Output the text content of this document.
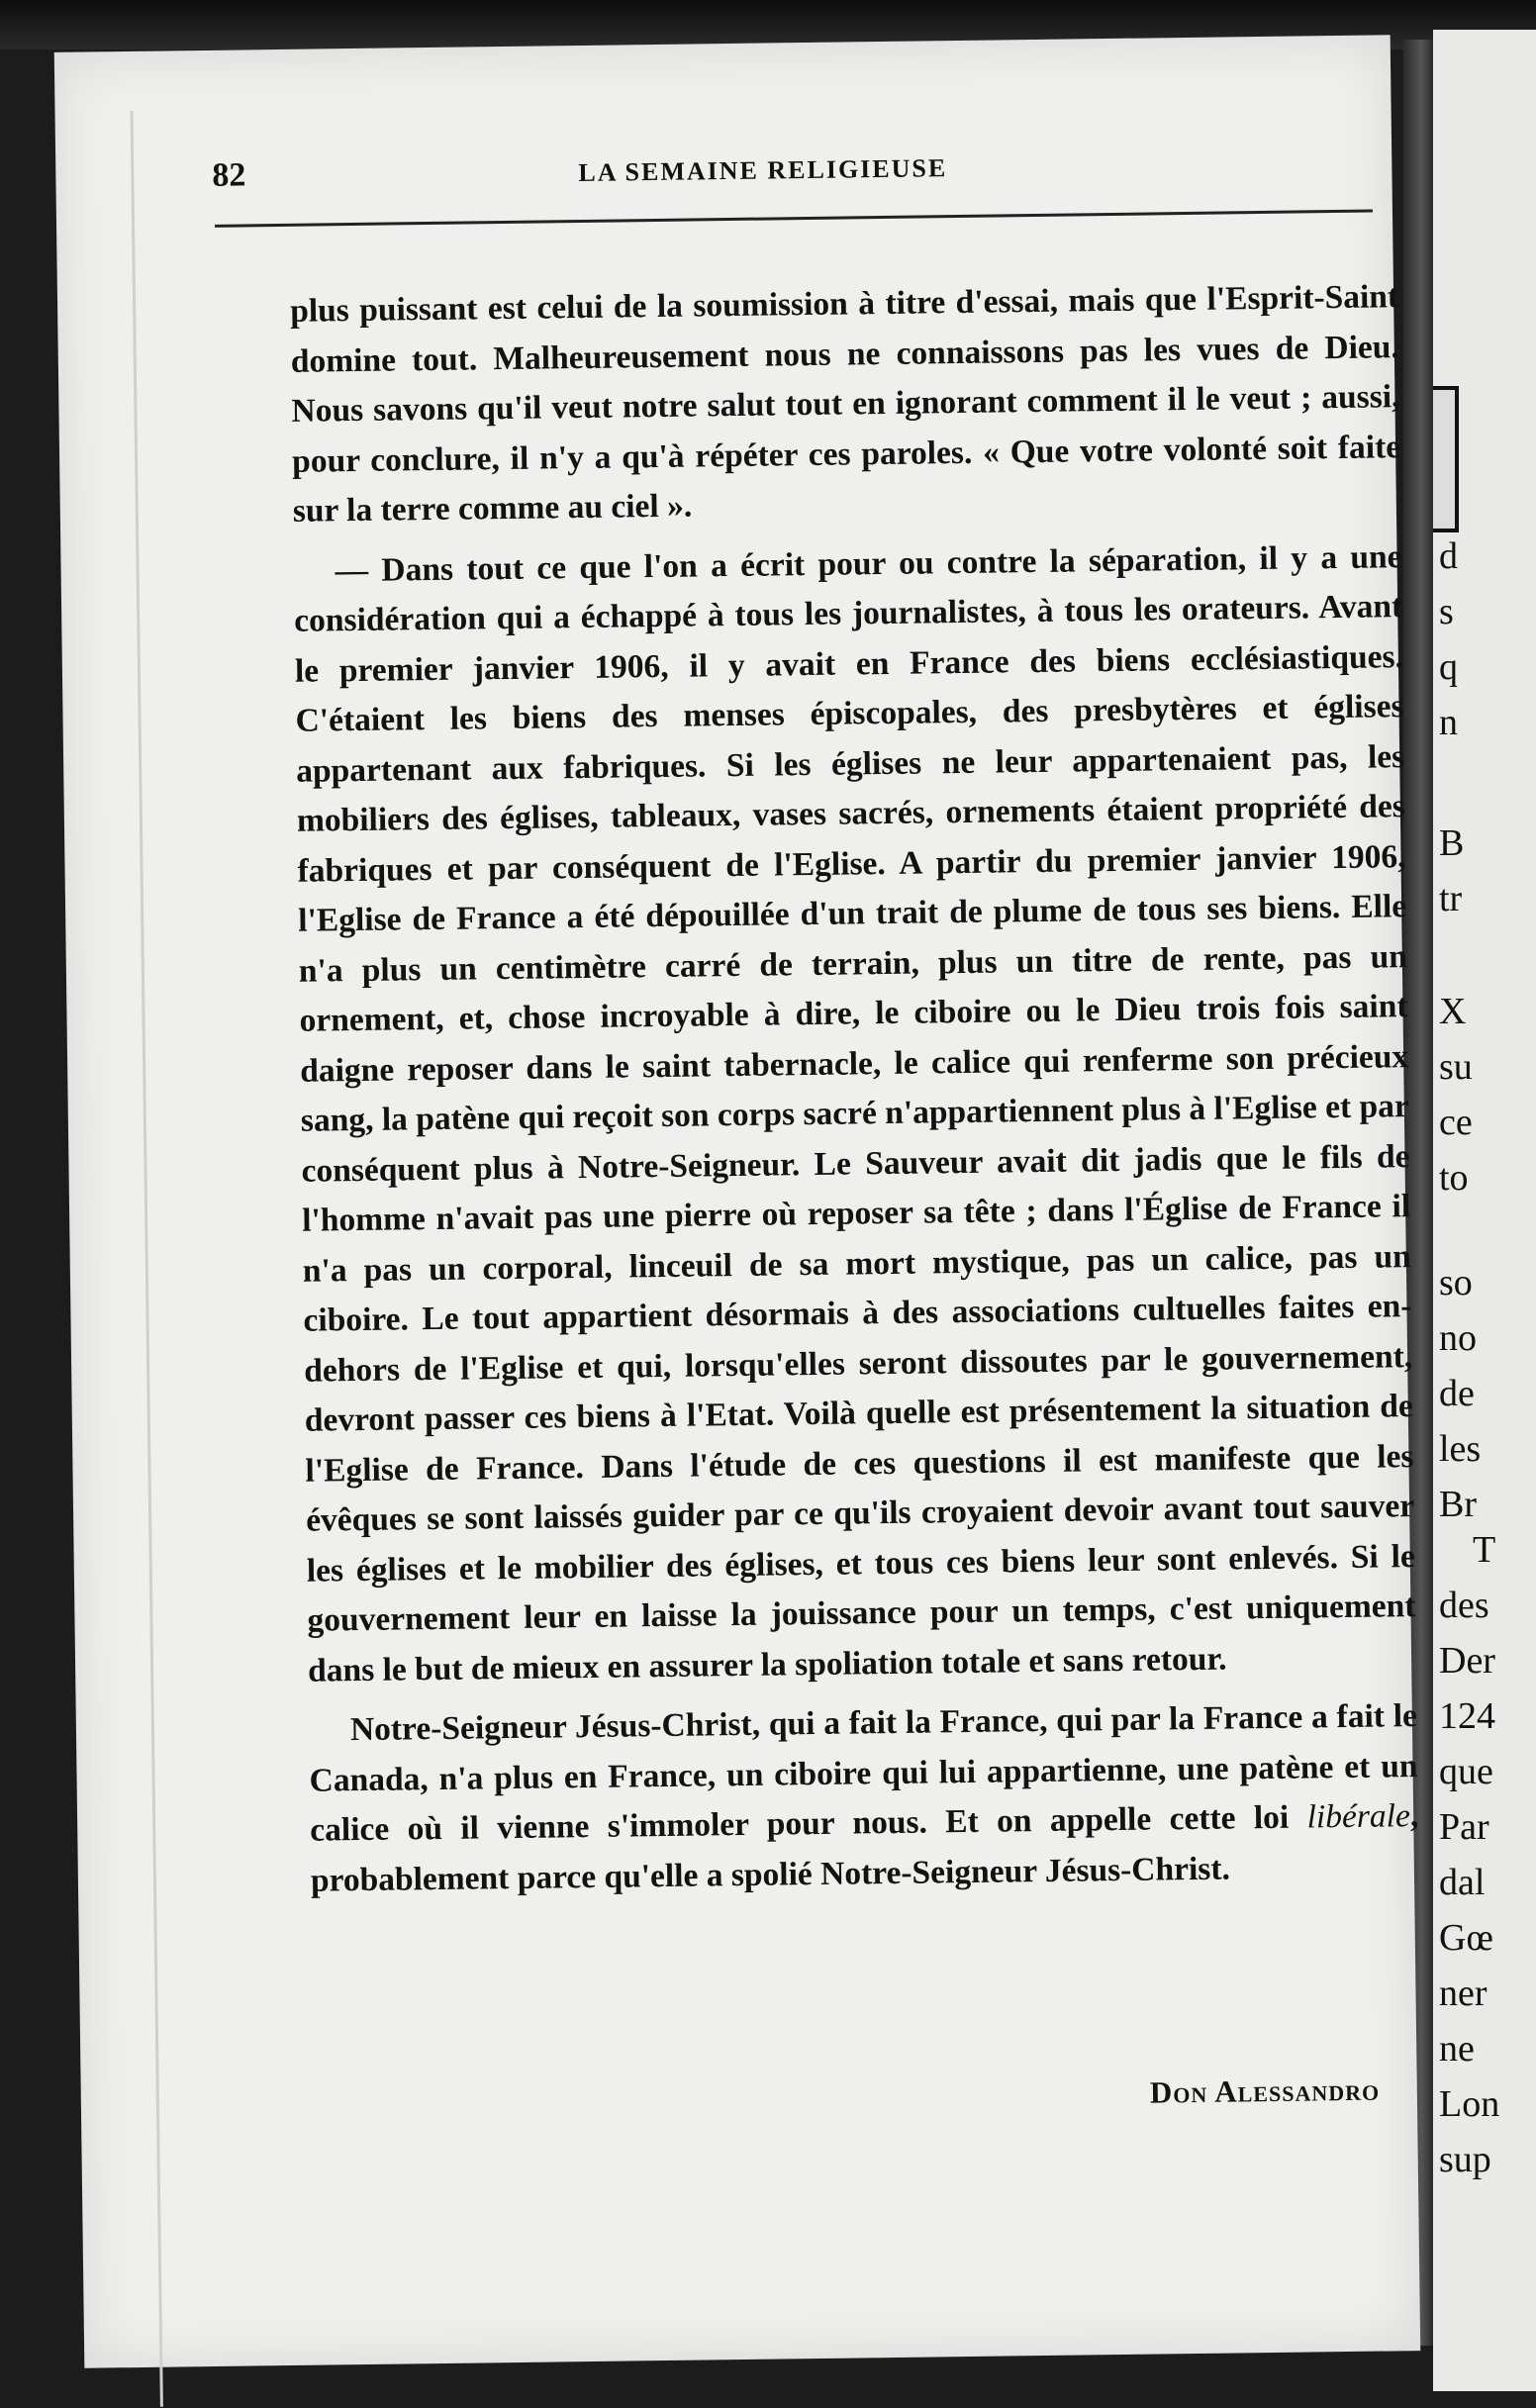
d
s
q
n
B
tr
X
su
ce
to
so
no
de
les
Br
T
des
Der
124
que
Par
dal
Gœ
ner
ne
Lon
sup
82	LA SEMAINE RELIGIEUSE

plus puissant est celui de la soumission à titre d'essai, mais que l'Esprit-Saint domine tout. Malheureusement nous ne connaissons pas les vues de Dieu. Nous savons qu'il veut notre salut tout en ignorant comment il le veut ; aussi, pour conclure, il n'y a qu'à répéter ces paroles. « Que votre volonté soit faite sur la terre comme au ciel ».

— Dans tout ce que l'on a écrit pour ou contre la séparation, il y a une considération qui a échappé à tous les journalistes, à tous les orateurs. Avant le premier janvier 1906, il y avait en France des biens ecclésiastiques. C'étaient les biens des menses épiscopales, des presbytères et églises appartenant aux fabriques. Si les églises ne leur appartenaient pas, les mobiliers des églises, tableaux, vases sacrés, ornements étaient propriété des fabriques et par conséquent de l'Eglise. A partir du premier janvier 1906, l'Eglise de France a été dépouillée d'un trait de plume de tous ses biens. Elle n'a plus un centimètre carré de terrain, plus un titre de rente, pas un ornement, et, chose incroyable à dire, le ciboire ou le Dieu trois fois saint daigne reposer dans le saint tabernacle, le calice qui renferme son précieux sang, la patène qui reçoit son corps sacré n'appartiennent plus à l'Eglise et par conséquent plus à Notre-Seigneur. Le Sauveur avait dit jadis que le fils de l'homme n'avait pas une pierre où reposer sa tête ; dans l'Église de France il n'a pas un corporal, linceuil de sa mort mystique, pas un calice, pas un ciboire. Le tout appartient désormais à des associations cultuelles faites en-dehors de l'Eglise et qui, lorsqu'elles seront dissoutes par le gouvernement, devront passer ces biens à l'Etat. Voilà quelle est présentement la situation de l'Eglise de France. Dans l'étude de ces questions il est manifeste que les évêques se sont laissés guider par ce qu'ils croyaient devoir avant tout sauver les églises et le mobilier des églises, et tous ces biens leur sont enlevés. Si le gouvernement leur en laisse la jouissance pour un temps, c'est uniquement dans le but de mieux en assurer la spoliation totale et sans retour.

Notre-Seigneur Jésus-Christ, qui a fait la France, qui par la France a fait le Canada, n'a plus en France, un ciboire qui lui appartienne, une patène et un calice où il vienne s'immoler pour nous. Et on appelle cette loi libérale, probablement parce qu'elle a spolié Notre-Seigneur Jésus-Christ.

Don Alessandro
